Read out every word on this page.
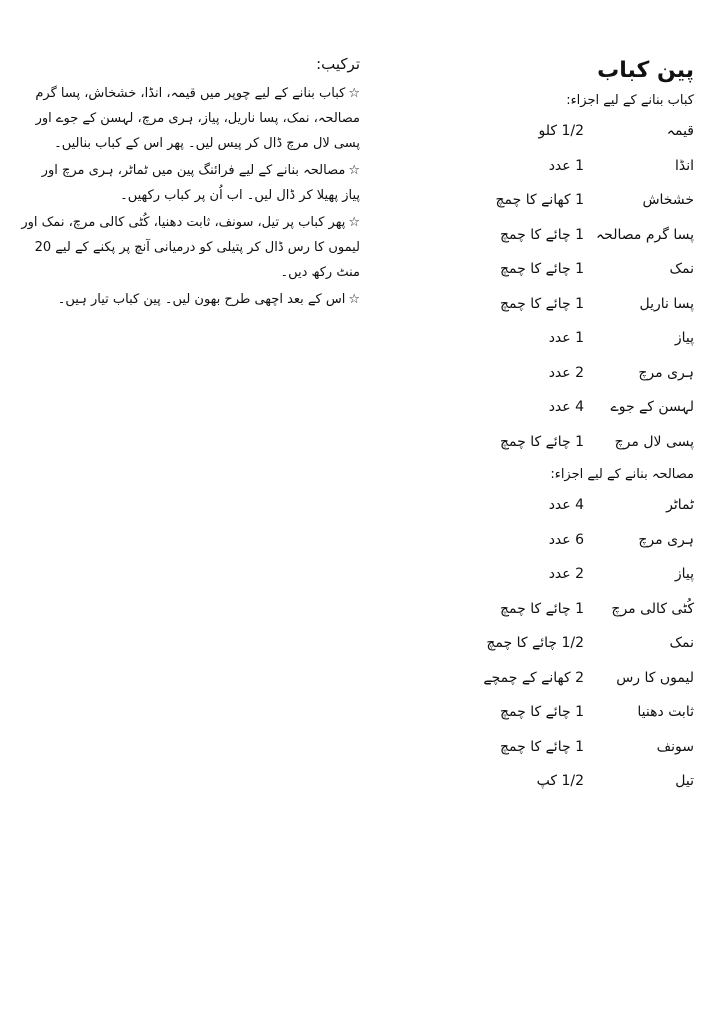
پین کباب
کباب بنانے کے لیے اجزاء:
قیمہ
1/2 کلو
انڈا
1 عدد
خشخاش
1 کھانے کا چمچ
پسا گرم مصالحہ
1 چائے کا چمچ
نمک
1 چائے کا چمچ
پسا ناریل
1 چائے کا چمچ
پیاز
1 عدد
ہری مرچ
2 عدد
لہسن کے جوے
4 عدد
پسی لال مرچ
1 چائے کا چمچ
مصالحہ بنانے کے لیے اجزاء:
ٹماٹر
4 عدد
ہری مرچ
6 عدد
پیاز
2 عدد
کُٹی کالی مرچ
1 چائے کا چمچ
نمک
1/2 چائے کا چمچ
لیموں کا رس
2 کھانے کے چمچے
ثابت دھنیا
1 چائے کا چمچ
سونف
1 چائے کا چمچ
تیل
1/2 کپ
ترکیب:
☆کباب بنانے کے لیے چوپر میں قیمہ، انڈا، خشخاش، پسا گرم مصالحہ، نمک، پسا ناریل، پیاز، ہری مرچ، لہسن کے جوے اور پسی لال مرچ ڈال کر پیس لیں۔ پھر اس کے کباب بنالیں۔
☆مصالحہ بنانے کے لیے فرائنگ پین میں ٹماٹر، ہری مرچ اور پیاز پھیلا کر ڈال لیں۔ اب اُن پر کباب رکھیں۔
☆پھر کباب پر تیل، سونف، ثابت دھنیا، کُٹی کالی مرچ، نمک اور لیموں کا رس ڈال کر پتیلی کو درمیانی آنچ پر پکنے کے لیے 20 منٹ رکھ دیں۔
☆اس کے بعد اچھی طرح بھون لیں۔ پین کباب تیار ہیں۔
